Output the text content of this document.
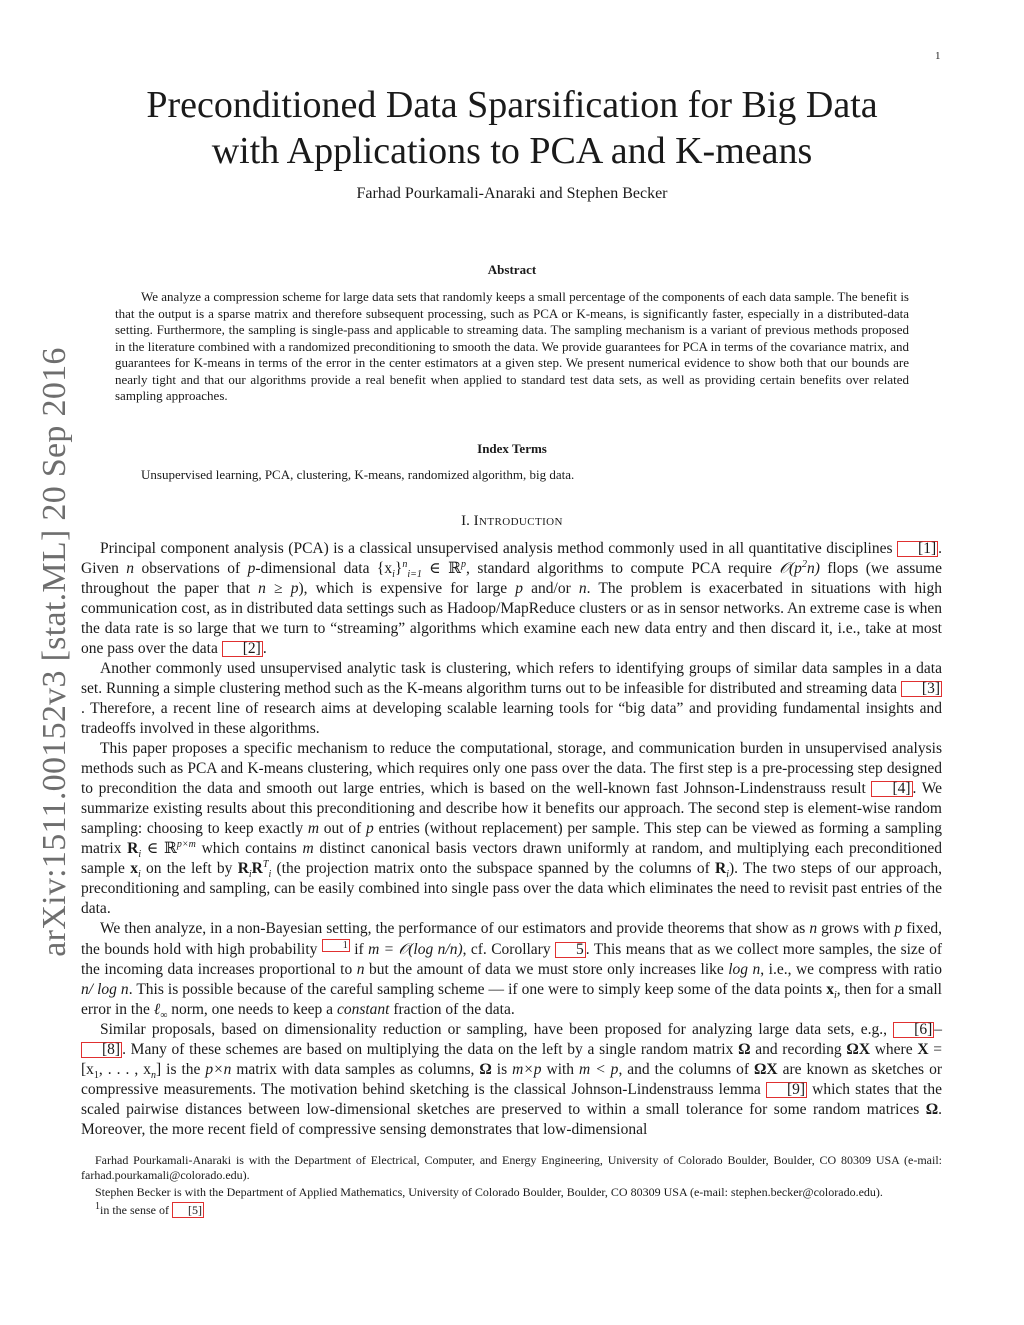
1
arXiv:1511.00152v3 [stat.ML] 20 Sep 2016
Preconditioned Data Sparsification for Big Data
with Applications to PCA and K-means
Farhad Pourkamali-Anaraki and Stephen Becker
Abstract
We analyze a compression scheme for large data sets that randomly keeps a small percentage of the components of each data sample. The benefit is that the output is a sparse matrix and therefore subsequent processing, such as PCA or K-means, is significantly faster, especially in a distributed-data setting. Furthermore, the sampling is single-pass and applicable to streaming data. The sampling mechanism is a variant of previous methods proposed in the literature combined with a randomized preconditioning to smooth the data. We provide guarantees for PCA in terms of the covariance matrix, and guarantees for K-means in terms of the error in the center estimators at a given step. We present numerical evidence to show both that our bounds are nearly tight and that our algorithms provide a real benefit when applied to standard test data sets, as well as providing certain benefits over related sampling approaches.
Index Terms
Unsupervised learning, PCA, clustering, K-means, randomized algorithm, big data.
I. Introduction

Principal component analysis (PCA) is a classical unsupervised analysis method commonly used in all quantitative disciplines [1] . Given n observations of p-dimensional data $\{x_i\}^n_{i=1}$ ∈ ℝ$^p$, standard algorithms to compute PCA require $𝒪(p^2n)$ flops (we assume throughout the paper that n ≥ p), which is expensive for large p and/or n. The problem is exacerbated in situations with high communication cost, as in distributed data settings such as Hadoop/MapReduce clusters or as in sensor networks. An extreme case is when the data rate is so large that we turn to “streaming” algorithms which examine each new data entry and then discard it, i.e., take at most one pass over the data [2] .

Another commonly used unsupervised analytic task is clustering, which refers to identifying groups of similar data samples in a data set. Running a simple clustering method such as the K-means algorithm turns out to be infeasible for distributed and streaming data [3]. Therefore, a recent line of research aims at developing scalable learning tools for “big data” and providing fundamental insights and tradeoffs involved in these algorithms.

This paper proposes a specific mechanism to reduce the computational, storage, and communication burden in unsupervised analysis methods such as PCA and K-means clustering, which requires only one pass over the data. The first step is a pre-processing step designed to precondition the data and smooth out large entries, which is based on the well-known fast Johnson-Lindenstrauss result [4] . We summarize existing results about this preconditioning and describe how it benefits our approach. The second step is element-wise random sampling: choosing to keep exactly m out of p entries (without replacement) per sample. This step can be viewed as forming a sampling matrix $R_i$ ∈ ℝ$^{p\times m}$ which contains m distinct canonical basis vectors drawn uniformly at random, and multiplying each preconditioned sample $x_i$ on the left by $R_iR^T_i$ (the projection matrix onto the subspace spanned by the columns of $R_i$). The two steps of our approach, preconditioning and sampling, can be easily combined into single pass over the data which eliminates the need to revisit past entries of the data.

We then analyze, in a non-Bayesian setting, the performance of our estimators and provide theorems that show as n grows with p fixed, the bounds hold with high probability 1 if m = 𝒪(log n/n), cf. Corollary 5 . This means that as we collect more samples, the size of the incoming data increases proportional to n but the amount of data we must store only increases like log n, i.e., we compress with ratio n/ log n. This is possible because of the careful sampling scheme — if one were to simply keep some of the data points $x_i$, then for a small error in the ℓ$_\infty$ norm, one needs to keep a constant fraction of the data.

Similar proposals, based on dimensionality reduction or sampling, have been proposed for analyzing large data sets, e.g., [6] –[8] . Many of these schemes are based on multiplying the data on the left by a single random matrix Ω and recording ΩX where $X = [x_1$, . . . , $x_n$] is the p×n matrix with data samples as columns, Ω is m×p with m < p, and the columns of ΩX are known as sketches or compressive measurements. The motivation behind sketching is the classical Johnson-Lindenstrauss lemma [9] which states that the scaled pairwise distances between low-dimensional sketches are preserved to within a small tolerance for some random matrices Ω. Moreover, the more recent field of compressive sensing demonstrates that low-dimensional

Farhad Pourkamali-Anaraki is with the Department of Electrical, Computer, and Energy Engineering, University of Colorado Boulder, Boulder, CO 80309 USA (e-mail: farhad.pourkamali@colorado.edu).

Stephen Becker is with the Department of Applied Mathematics, University of Colorado Boulder, Boulder, CO 80309 USA (e-mail: stephen.becker@colorado.edu).

$^1$in the sense of [5]
